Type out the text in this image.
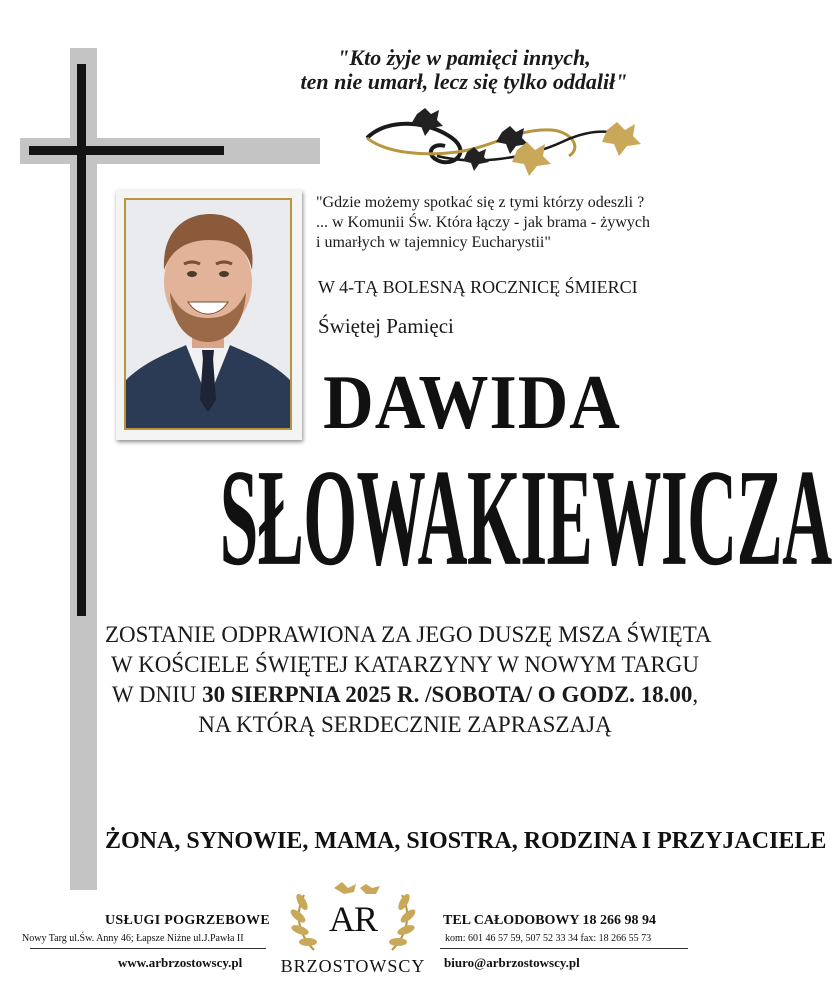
"Kto żyje w pamięci innych,
ten nie umarł, lecz się tylko oddalił"
"Gdzie możemy spotkać się z tymi którzy odeszli ?
... w Komunii Św. Która łączy - jak brama - żywych
i umarłych w tajemnicy Eucharystii"
W 4-TĄ BOLESNĄ ROCZNICĘ ŚMIERCI
Świętej Pamięci
DAWIDA
SŁOWAKIEWICZA
ZOSTANIE ODPRAWIONA ZA JEGO DUSZĘ MSZA ŚWIĘTA
W KOŚCIELE ŚWIĘTEJ KATARZYNY W NOWYM TARGU
W DNIU 30 SIERPNIA 2025 R. /SOBOTA/ O GODZ. 18.00,
NA KTÓRĄ SERDECZNIE ZAPRASZAJĄ
ŻONA, SYNOWIE, MAMA, SIOSTRA, RODZINA I PRZYJACIELE
USŁUGI POGRZEBOWE
Nowy Targ ul.Św. Anny 46; Łapsze Niżne ul.J.Pawła II
www.arbrzostowscy.pl
AR
BRZOSTOWSCY
TEL CAŁODOBOWY 18 266 98 94
kom: 601 46 57 59, 507 52 33 34 fax: 18 266 55 73
biuro@arbrzostowscy.pl
